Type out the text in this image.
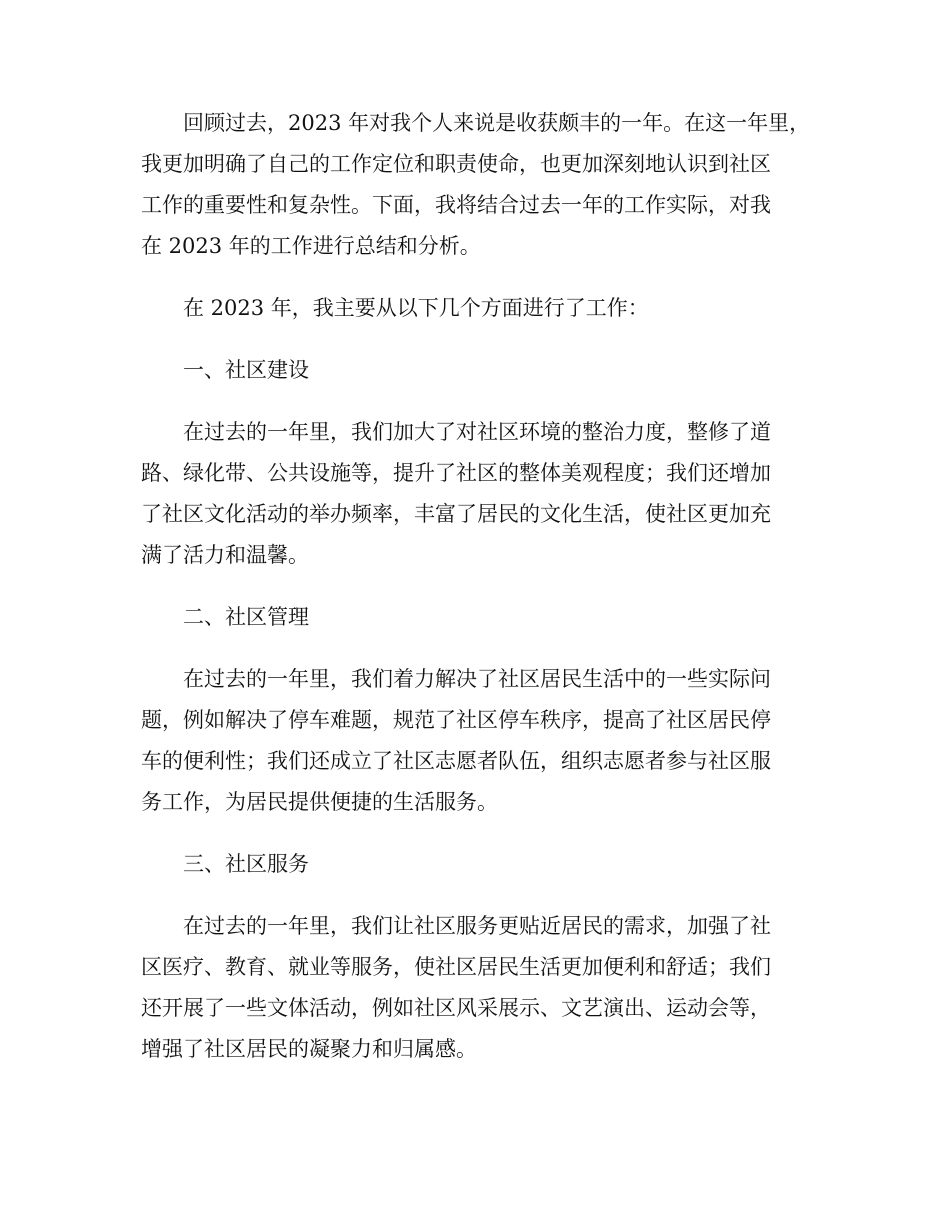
回顾过去，2023 年对我个人来说是收获颇丰的一年。在这一年里，
我更加明确了自己的工作定位和职责使命，也更加深刻地认识到社区
工作的重要性和复杂性。下面，我将结合过去一年的工作实际，对我
在 2023 年的工作进行总结和分析。

在 2023 年，我主要从以下几个方面进行了工作：

一、社区建设

在过去的一年里，我们加大了对社区环境的整治力度，整修了道
路、绿化带、公共设施等，提升了社区的整体美观程度；我们还增加
了社区文化活动的举办频率，丰富了居民的文化生活，使社区更加充
满了活力和温馨。

二、社区管理

在过去的一年里，我们着力解决了社区居民生活中的一些实际问
题，例如解决了停车难题，规范了社区停车秩序，提高了社区居民停
车的便利性；我们还成立了社区志愿者队伍，组织志愿者参与社区服
务工作，为居民提供便捷的生活服务。

三、社区服务

在过去的一年里，我们让社区服务更贴近居民的需求，加强了社
区医疗、教育、就业等服务，使社区居民生活更加便利和舒适；我们
还开展了一些文体活动，例如社区风采展示、文艺演出、运动会等，
增强了社区居民的凝聚力和归属感。
